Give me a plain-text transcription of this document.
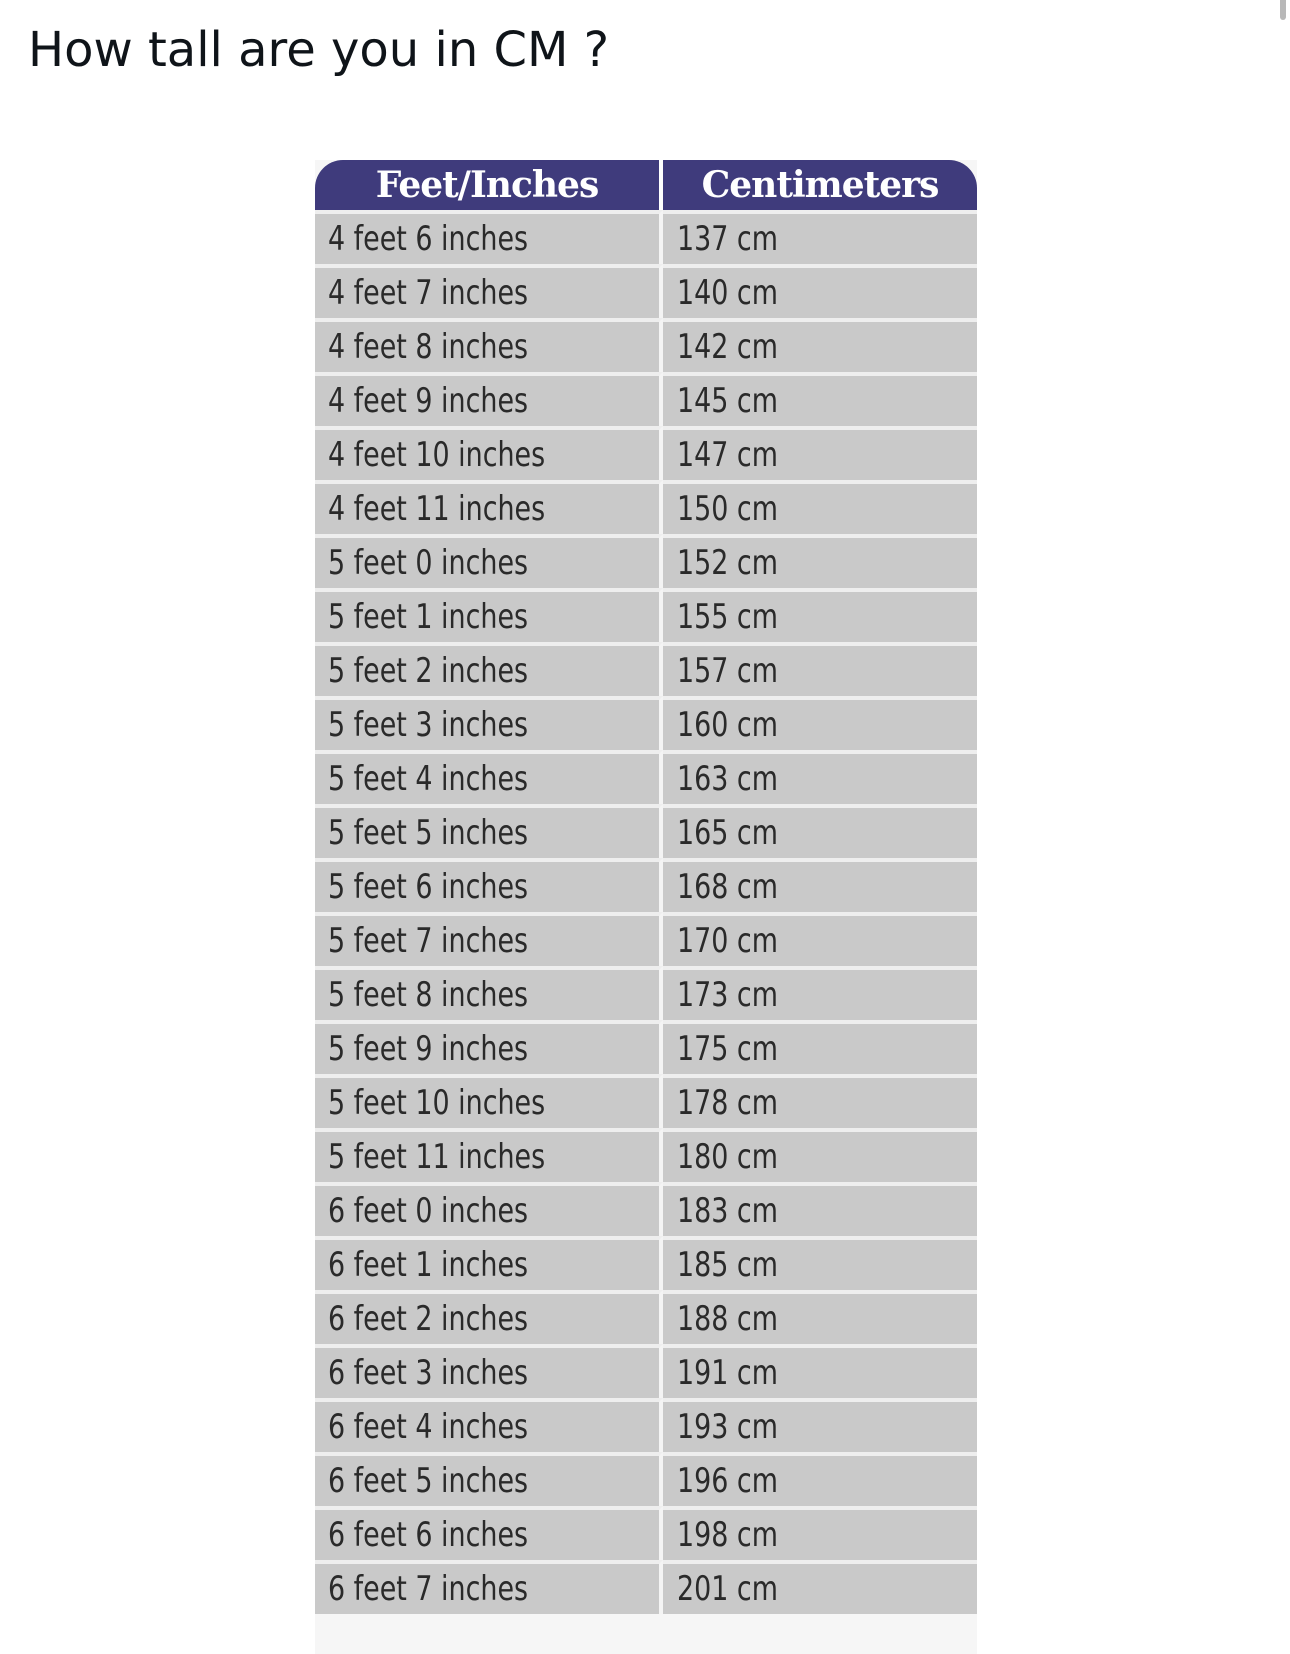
How tall are you in CM ?
Feet/Inches	Centimeters
4 feet 6 inches	137 cm
4 feet 7 inches	140 cm
4 feet 8 inches	142 cm
4 feet 9 inches	145 cm
4 feet 10 inches	147 cm
4 feet 11 inches	150 cm
5 feet 0 inches	152 cm
5 feet 1 inches	155 cm
5 feet 2 inches	157 cm
5 feet 3 inches	160 cm
5 feet 4 inches	163 cm
5 feet 5 inches	165 cm
5 feet 6 inches	168 cm
5 feet 7 inches	170 cm
5 feet 8 inches	173 cm
5 feet 9 inches	175 cm
5 feet 10 inches	178 cm
5 feet 11 inches	180 cm
6 feet 0 inches	183 cm
6 feet 1 inches	185 cm
6 feet 2 inches	188 cm
6 feet 3 inches	191 cm
6 feet 4 inches	193 cm
6 feet 5 inches	196 cm
6 feet 6 inches	198 cm
6 feet 7 inches	201 cm
